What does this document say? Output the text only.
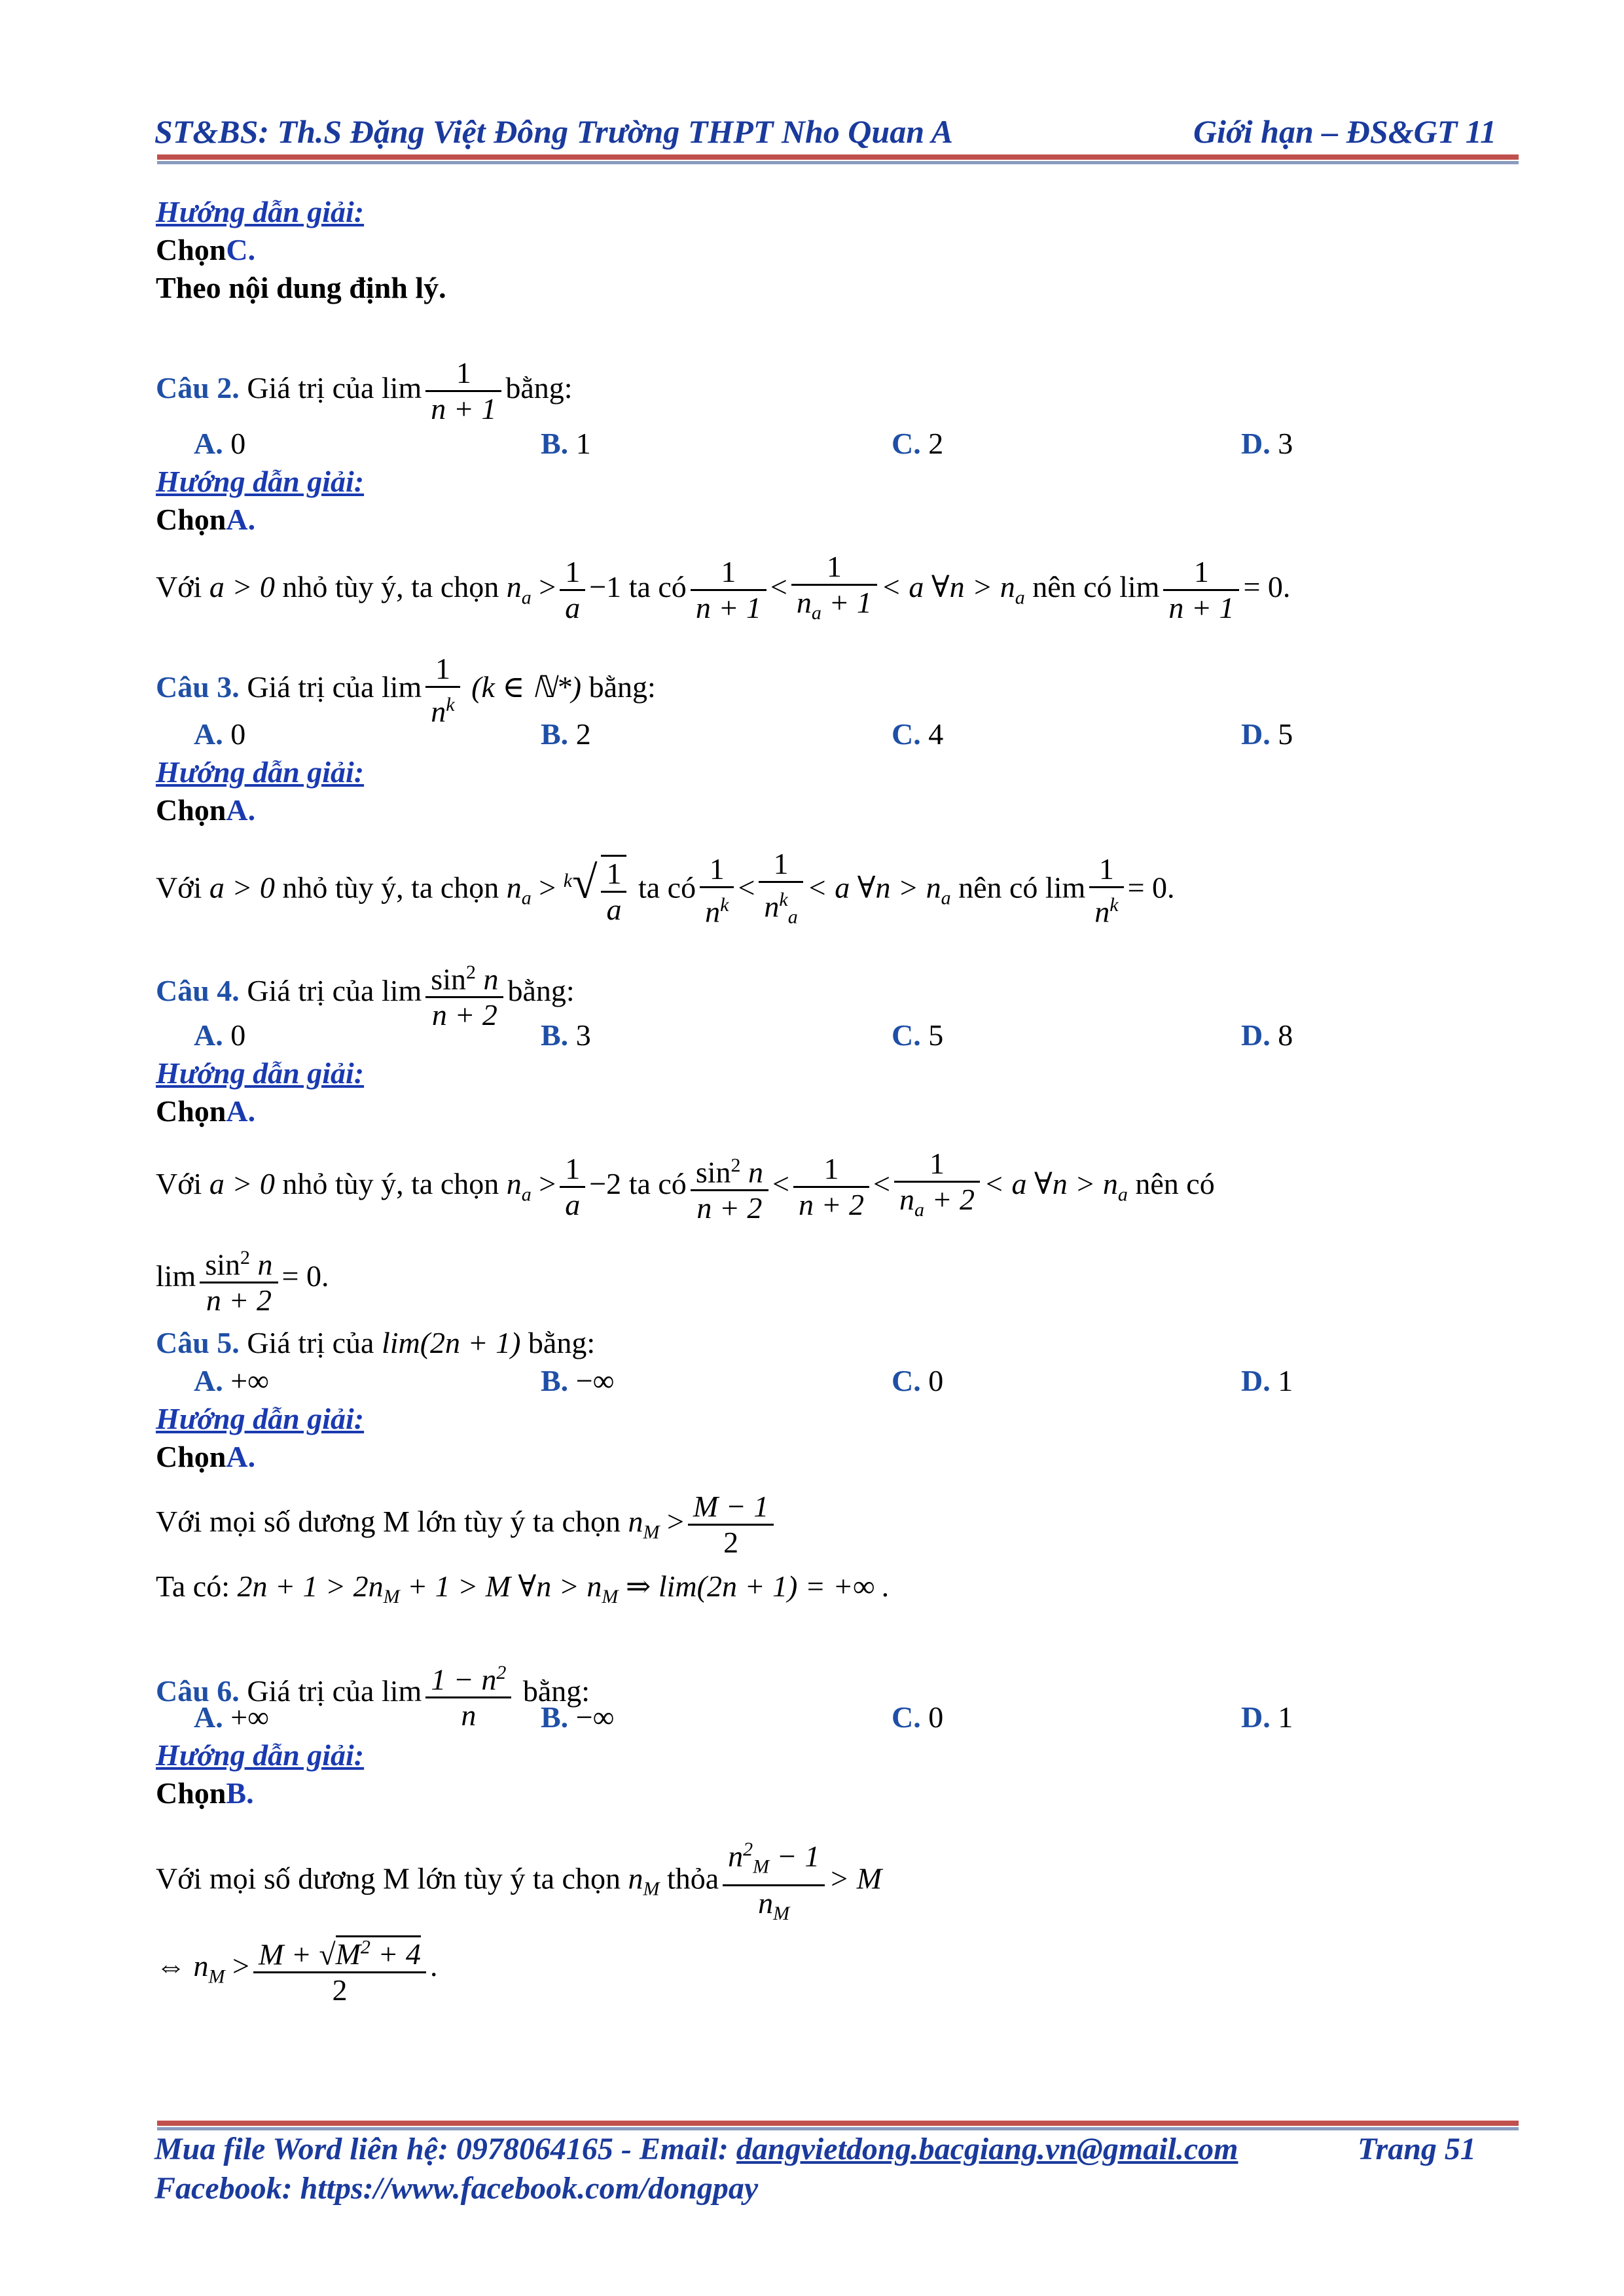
ST&BS: Th.S Đặng Việt Đông Trường THPT Nho Quan A	Giới hạn – ĐS&GT 11
Hướng dẫn giải:
ChọnC.
Theo nội dung định lý.
Câu 2. Giá trị của $\lim \frac{1}{n + 1}$ bằng:
A. 0	B. 1	C. 2	D. 3
Hướng dẫn giải:
ChọnA.
Với a > 0 nhỏ tùy ý, ta chọn $n_a > \frac{1}{a} -1$ ta có $\frac{1}{n + 1} < \frac{1}{n_a + 1} < a$ ∀n > $n_a$ nên có $\lim \frac{1}{n + 1} = 0$.
Câu 3. Giá trị của $\lim \frac{1}{n^k} (k$ ∈ ℕ*) bằng:
A. 0	B. 2	C. 4	D. 5
Hướng dẫn giải:
ChọnA.
Với a > 0 nhỏ tùy ý, ta chọn $n_a > ^k√ \frac{1}{a}$ ta có $\frac{1}{n^k} < \frac{1}{n^k_a} < a$ ∀n > $n_a$ nên có $\lim \frac{1}{n^k} = 0$.
Câu 4. Giá trị của $\lim \frac{\sin^2 n}{n + 2}$ bằng:
A. 0	B. 3	C. 5	D. 8
Hướng dẫn giải:
ChọnA.
Với a > 0 nhỏ tùy ý, ta chọn $n_a > \frac{1}{a} -2$ ta có $\frac{\sin^2 n}{n + 2} < \frac{1}{n + 2} < \frac{1}{n_a + 2} < a$ ∀n > $n_a$ nên có
$\lim \frac{\sin^2 n}{n + 2} = 0$.
Câu 5. Giá trị của lim(2n + 1) bằng:
A. +∞	B. −∞	C. 0	D. 1
Hướng dẫn giải:
ChọnA.
Với mọi số dương M lớn tùy ý ta chọn $n_M > \frac{M - 1}{2}$
Ta có: $2n + 1 > 2n_M + 1 > M$ ∀n > $n_M$ ⇒ lim(2n + 1) = +∞ .
Câu 6. Giá trị của $\lim \frac{1 - n^2}{n}$ bằng:
A. +∞	B. −∞	C. 0	D. 1
Hướng dẫn giải:
ChọnB.
Với mọi số dương M lớn tùy ý ta chọn $n_M$ thỏa $\frac{n^2_M - 1}{n_M} > M$
⇔ $n_M > \frac{M + √M^2 + 4}{2}$ .
Mua file Word liên hệ: 0978064165 - Email: dangvietdong.bacgiang.vn@gmail.com	Trang 51
Facebook: https://www.facebook.com/dongpay
